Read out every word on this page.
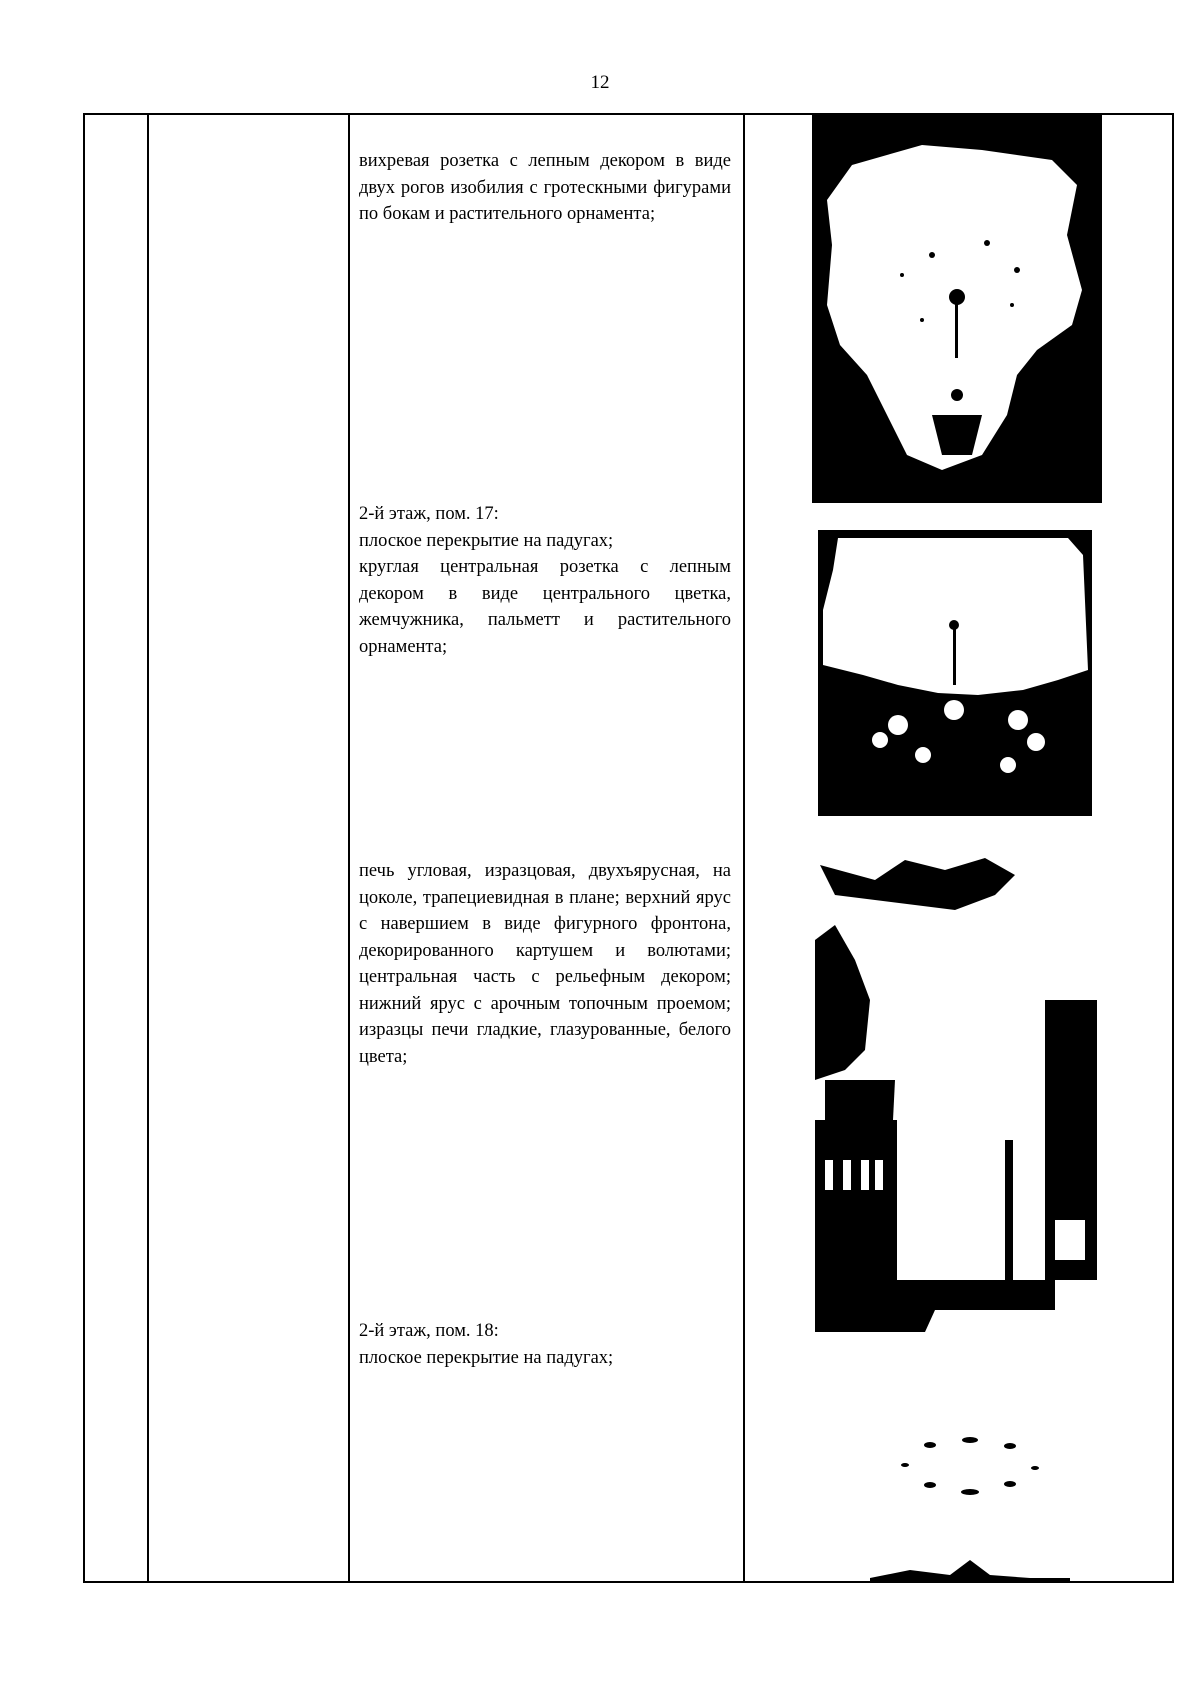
12

вихревая розетка с лепным декором в виде двух рогов изобилия с гротескными фигурами по бокам и растительного орнамента;

2-й этаж, пом. 17:

плоское перекрытие на падугах;

круглая центральная розетка с лепным декором в виде центрального цветка, жемчужника, пальметт и растительного орнамента;

печь угловая, изразцовая, двухъярусная, на цоколе, трапециевидная в плане; верхний ярус с навершием в виде фигурного фронтона, декорированного картушем и волютами; центральная часть с рельефным декором; нижний ярус с арочным топочным проемом; изразцы печи гладкие, глазурованные, белого цвета;

2-й этаж, пом. 18:

плоское перекрытие на падугах;
